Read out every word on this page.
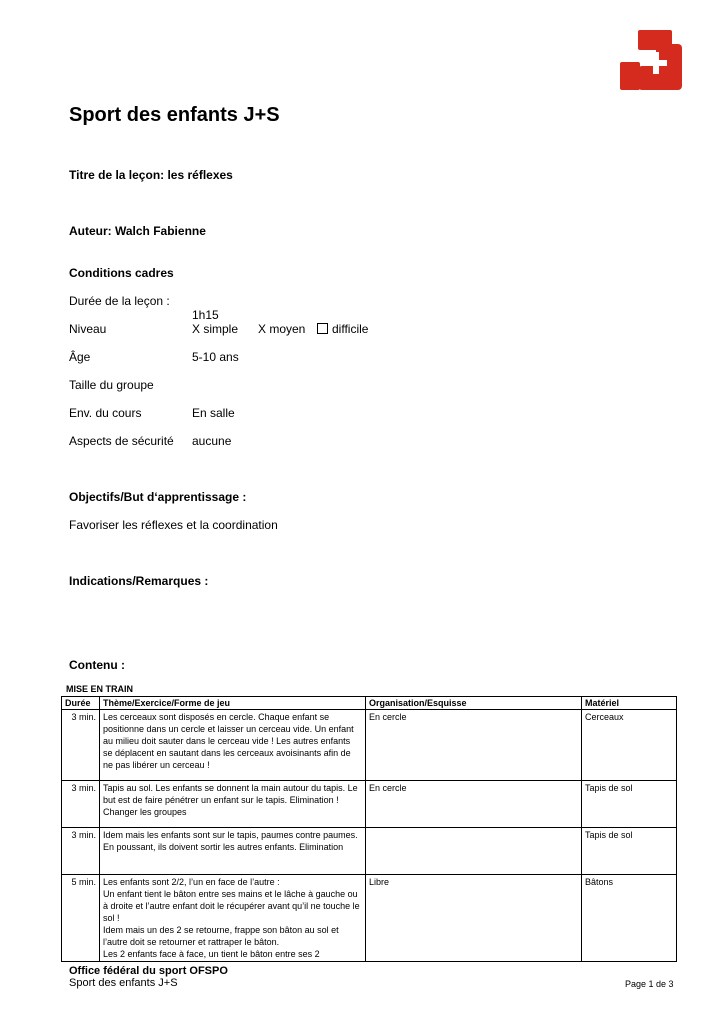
Sport des enfants J+S
Titre de la leçon: les réflexes
Auteur: Walch Fabienne
Conditions cadres
Durée de la leçon :
1h15
Niveau	X simple X moyen	difficile
Âge	5-10 ans
Taille du groupe
Env. du cours	En salle
Aspects de sécurité aucune
Objectifs/But d‘apprentissage :
Favoriser les réflexes et la coordination
Indications/Remarques :
Contenu :
MISE EN TRAIN
Durée	Thème/Exercice/Forme de jeu	Organisation/Esquisse	Matériel
3 min.	Les cerceaux sont disposés en cercle. Chaque enfant se positionne dans un cercle et laisser un cerceau vide. Un enfant au milieu doit sauter dans le cerceau vide ! Les autres enfants se déplacent en sautant dans les cerceaux avoisinants afin de ne pas libérer un cerceau !	En cercle	Cerceaux
3 min.	Tapis au sol. Les enfants se donnent la main autour du tapis. Le but est de faire pénétrer un enfant sur le tapis. Elimination ! Changer les groupes	En cercle	Tapis de sol
3 min.	Idem mais les enfants sont sur le tapis, paumes contre paumes. En poussant, ils doivent sortir les autres enfants. Elimination		Tapis de sol
5 min.	Les enfants sont 2/2, l’un en face de l’autre :
Un enfant tient le bâton entre ses mains et le lâche à gauche ou à droite et l’autre enfant doit le récupérer avant qu’il ne touche le sol !
Idem mais un des 2 se retourne, frappe son bâton au sol et l’autre doit se retourner et rattraper le bâton.
Les 2 enfants face à face, un tient le bâton entre ses 2	Libre	Bâtons
Office fédéral du sport OFSPO
Sport des enfants J+S	Page 1 de 3
